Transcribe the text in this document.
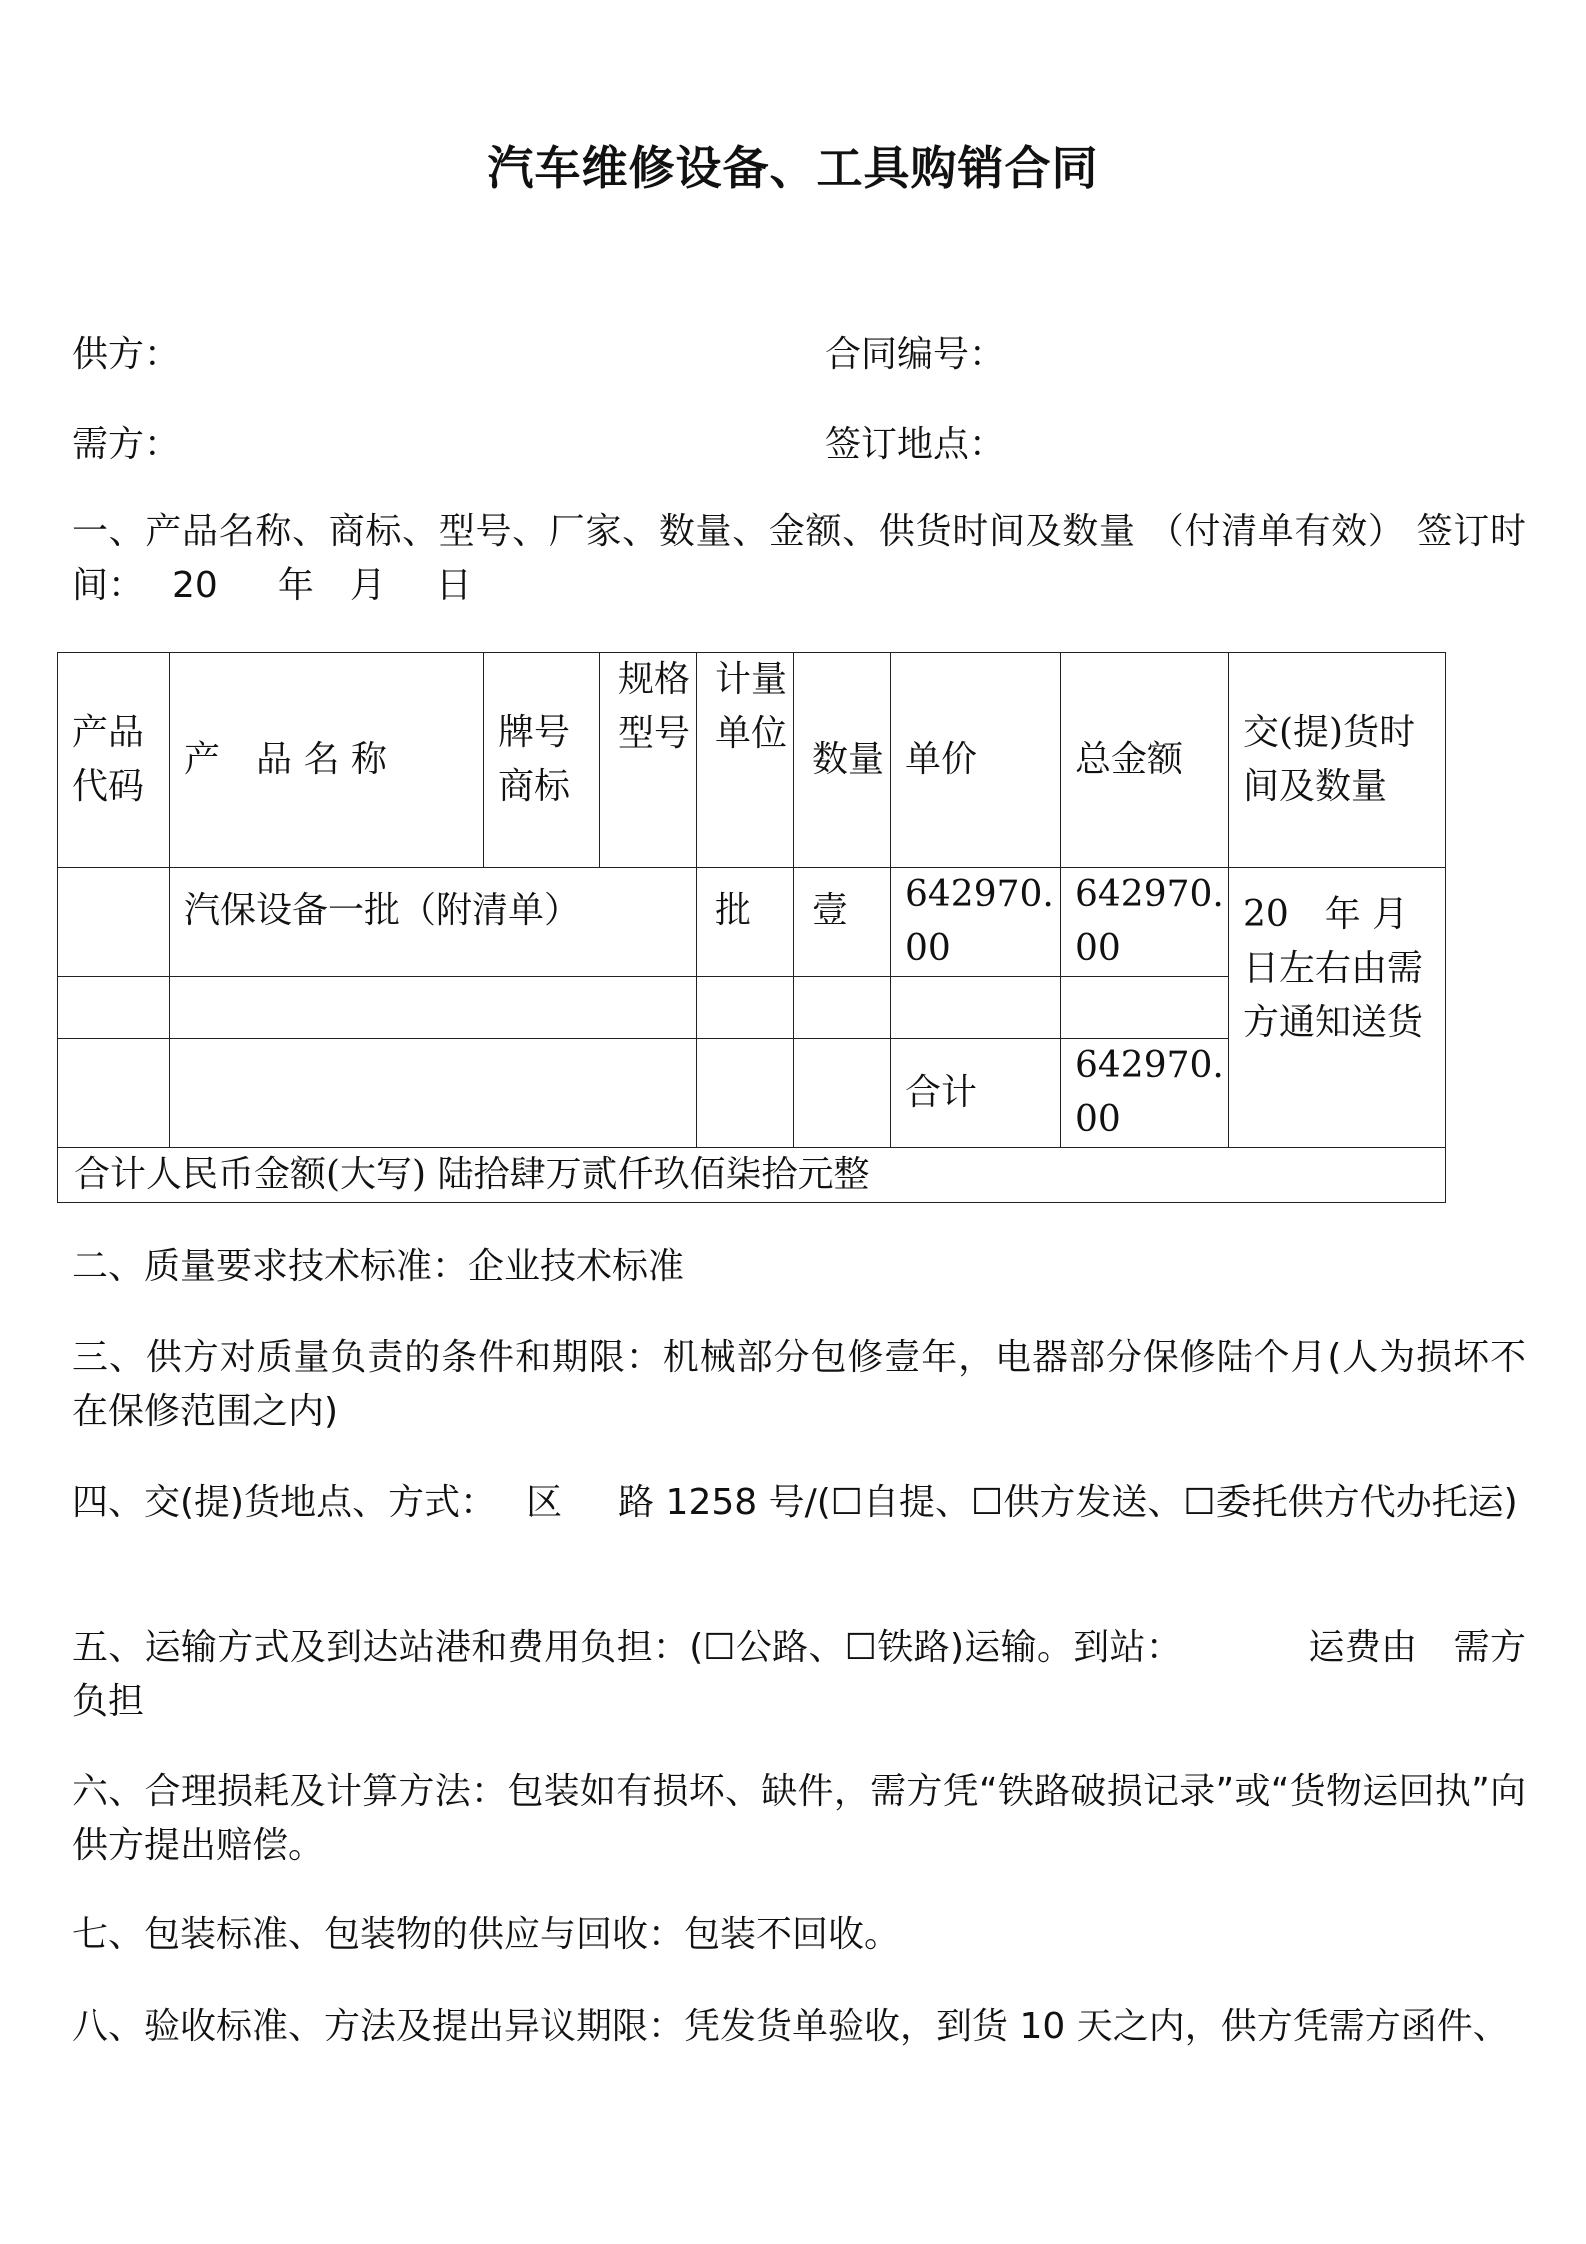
汽车维修设备、工具购销合同
供方：	合同编号：
需方：	签订地点：
一、产品名称、商标、型号、厂家、数量、金额、供货时间及数量 （付清单有效） 签订时间： 20 年 月 日
产品代码	产　品 名 称	牌号商标	规格型号	计量单位	数量	单价	总金额	交(提)货时间及数量
	汽保设备一批（附清单）			批	壹	642970.00	642970.00	20　年 月日左右由需方通知送货

						合计	642970.00	
合计人民币金额(大写) 陆拾肆万贰仟玖佰柒拾元整								
二、质量要求技术标准：企业技术标准
三、供方对质量负责的条件和期限：机械部分包修壹年，电器部分保修陆个月(人为损坏不在保修范围之内)
四、交(提)货地点、方式： 区 路 1258 号/(☐自提、☐供方发送、☐委托供方代办托运)
五、运输方式及到达站港和费用负担：(☐公路、☐铁路)运输。到站：	运费由 需方负担
六、合理损耗及计算方法：包装如有损坏、缺件，需方凭“铁路破损记录”或“货物运回执”向供方提出赔偿。
七、包装标准、包装物的供应与回收：包装不回收。
八、验收标准、方法及提出异议期限：凭发货单验收，到货 10 天之内，供方凭需方函件、
